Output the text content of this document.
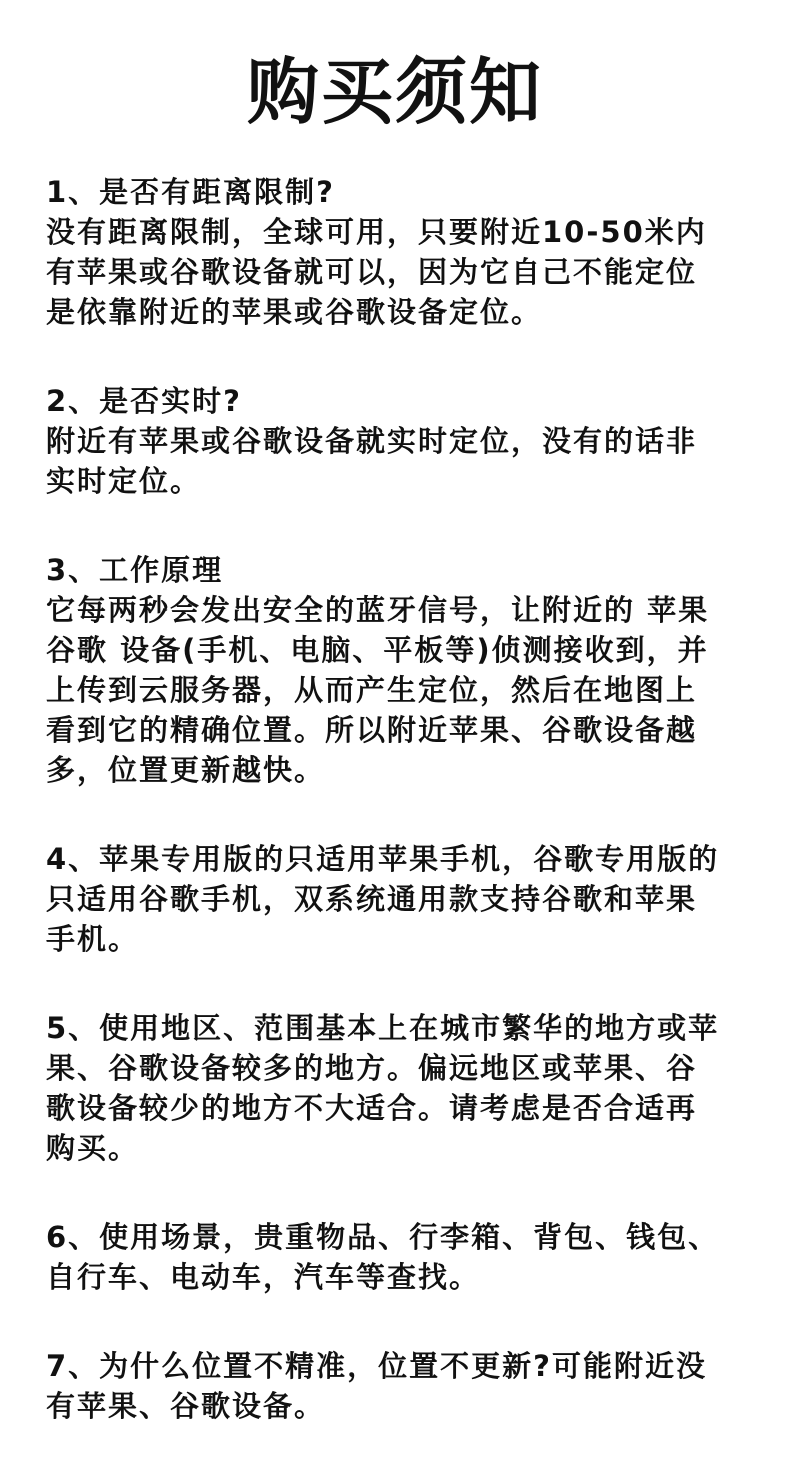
购买须知
1、是否有距离限制?
没有距离限制，全球可用，只要附近10-50米内
有苹果或谷歌设备就可以，因为它自己不能定位
是依靠附近的苹果或谷歌设备定位。
2、是否实时?
附近有苹果或谷歌设备就实时定位，没有的话非
实时定位。
3、工作原理
它每两秒会发出安全的蓝牙信号，让附近的 苹果
谷歌 设备(手机、电脑、平板等)侦测接收到，并
上传到云服务器，从而产生定位，然后在地图上
看到它的精确位置。所以附近苹果、谷歌设备越
多，位置更新越快。
4、苹果专用版的只适用苹果手机，谷歌专用版的
只适用谷歌手机，双系统通用款支持谷歌和苹果
手机。
5、使用地区、范围基本上在城市繁华的地方或苹
果、谷歌设备较多的地方。偏远地区或苹果、谷
歌设备较少的地方不大适合。请考虑是否合适再
购买。
6、使用场景，贵重物品、行李箱、背包、钱包、
自行车、电动车，汽车等查找。
7、为什么位置不精准，位置不更新?可能附近没
有苹果、谷歌设备。
